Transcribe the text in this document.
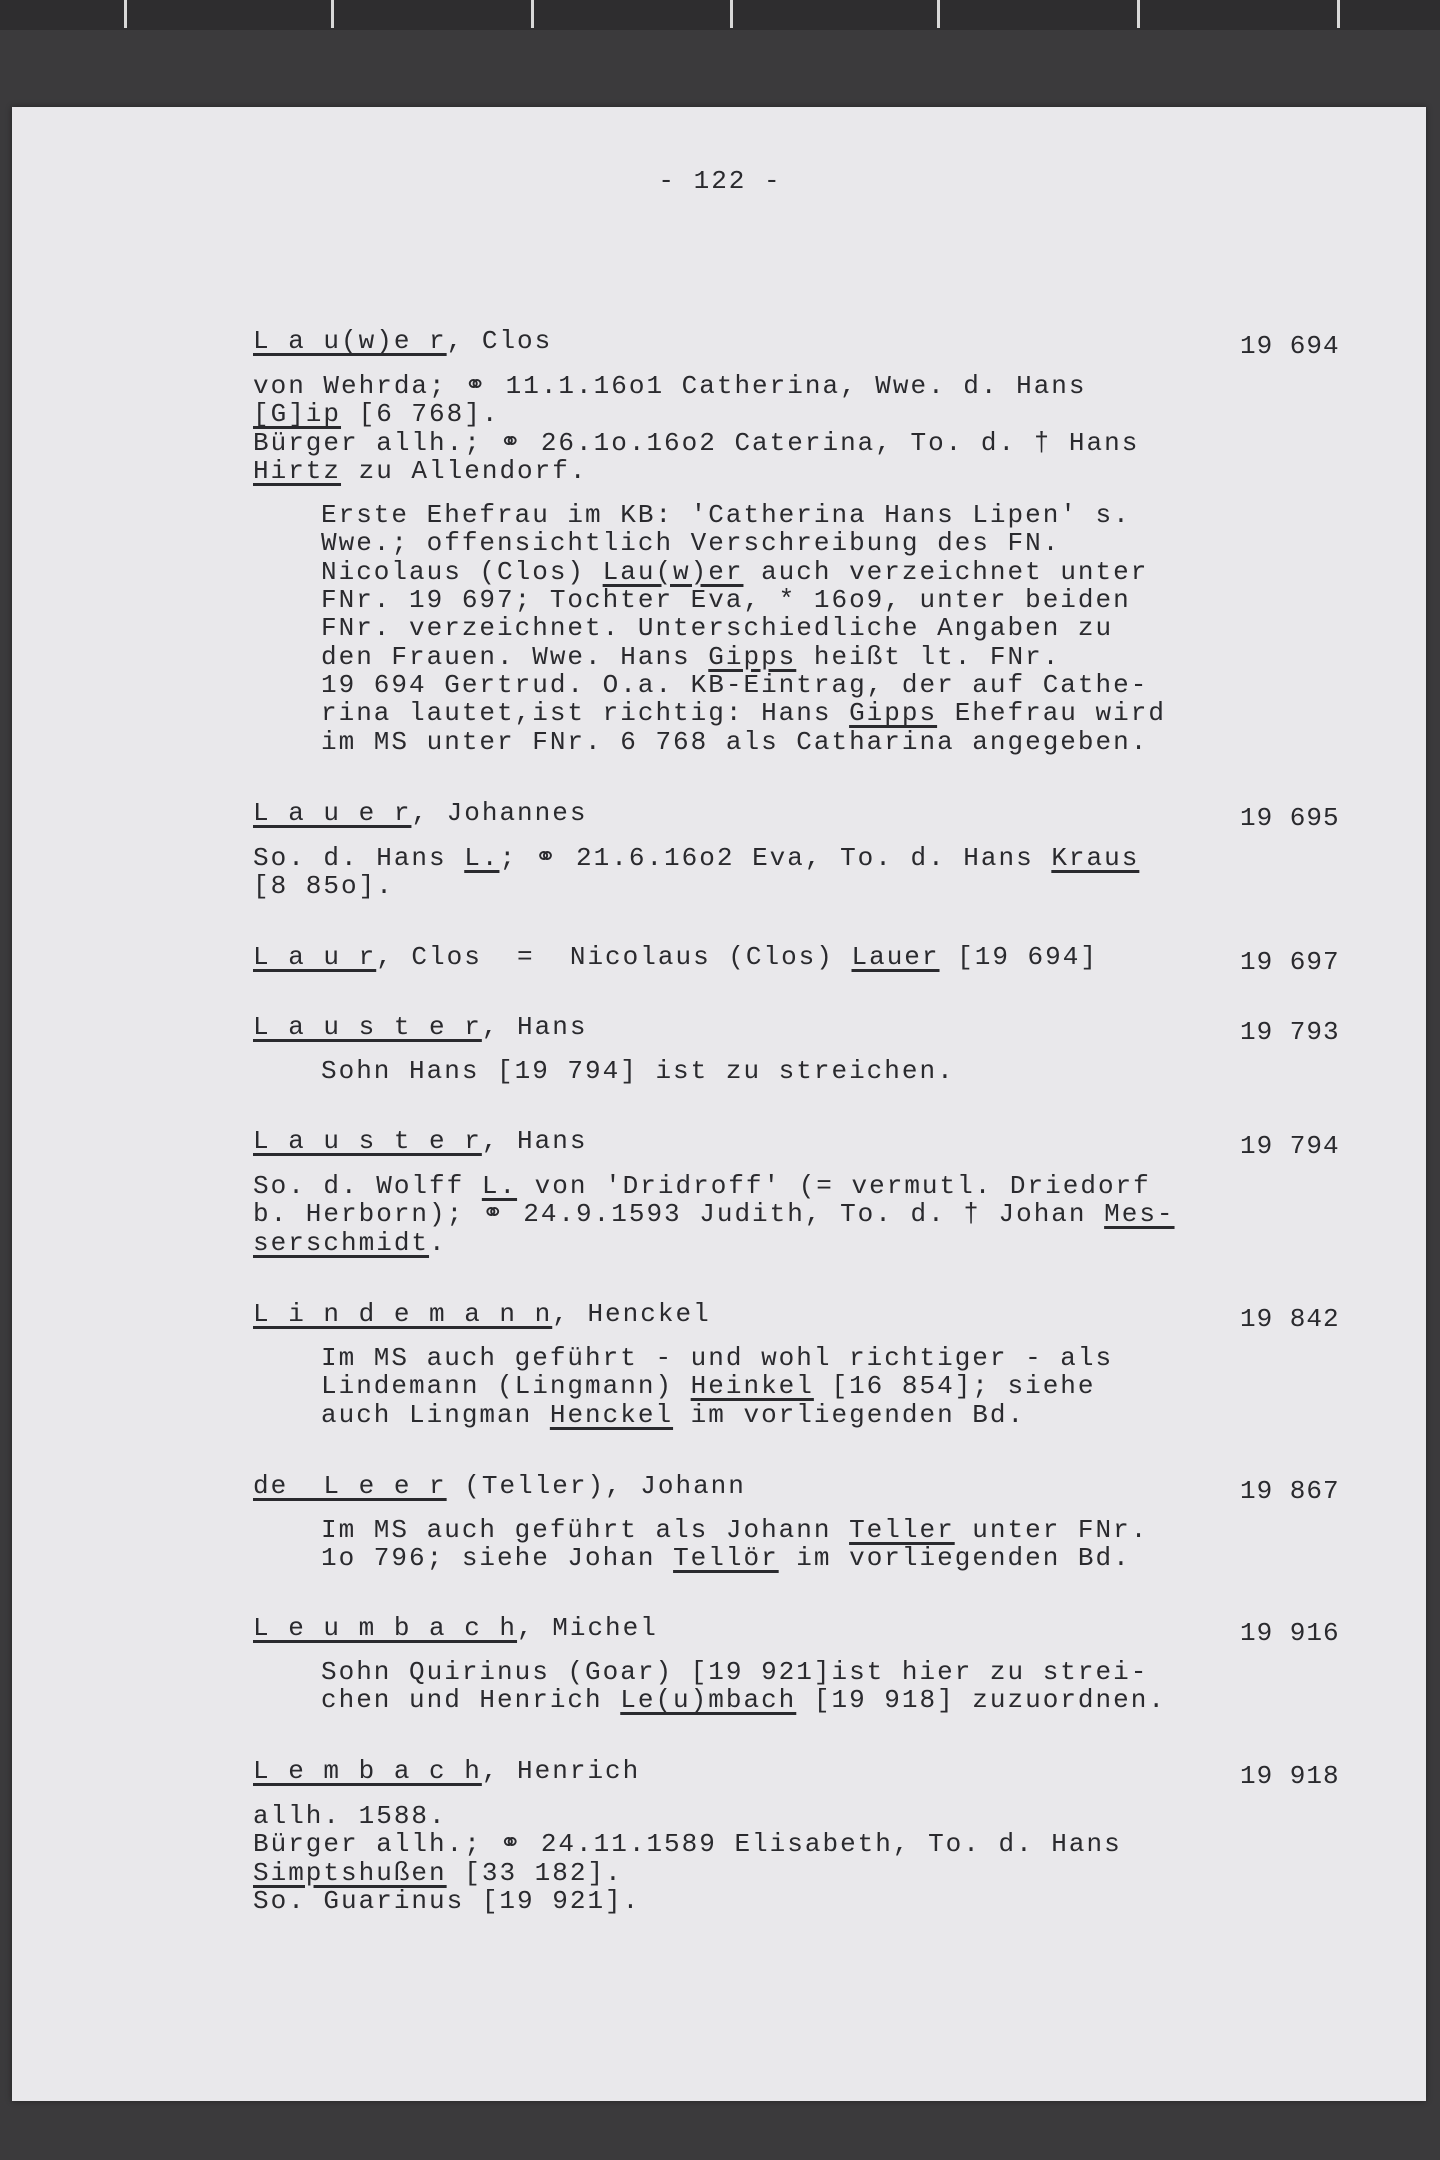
- 122 -
L a u(w)e r, Clos	19 694
von Wehrda; ⚭ 11.1.16o1 Catherina, Wwe. d. Hans
[G]ip [6 768].
Bürger allh.; ⚭ 26.1o.16o2 Caterina, To. d. † Hans
Hirtz zu Allendorf.
Erste Ehefrau im KB: 'Catherina Hans Lipen' s.
Wwe.; offensichtlich Verschreibung des FN.
Nicolaus (Clos) Lau(w)er auch verzeichnet unter
FNr. 19 697; Tochter Eva, * 16o9, unter beiden
FNr. verzeichnet. Unterschiedliche Angaben zu
den Frauen. Wwe. Hans Gipps heißt lt. FNr.
19 694 Gertrud. O.a. KB-Eintrag, der auf Cathe-
rina lautet,ist richtig: Hans Gipps Ehefrau wird
im MS unter FNr. 6 768 als Catharina angegeben.
L a u e r, Johannes	19 695
So. d. Hans L.; ⚭ 21.6.16o2 Eva, To. d. Hans Kraus
[8 85o].
L a u r, Clos  =  Nicolaus (Clos) Lauer [19 694]	19 697
L a u s t e r, Hans	19 793
Sohn Hans [19 794] ist zu streichen.
L a u s t e r, Hans	19 794
So. d. Wolff L. von 'Dridroff' (= vermutl. Driedorf
b. Herborn); ⚭ 24.9.1593 Judith, To. d. † Johan Mes-
serschmidt.
L i n d e m a n n, Henckel	19 842
Im MS auch geführt - und wohl richtiger - als
Lindemann (Lingmann) Heinkel [16 854]; siehe
auch Lingman Henckel im vorliegenden Bd.
de  L e e r (Teller), Johann	19 867
Im MS auch geführt als Johann Teller unter FNr.
1o 796; siehe Johan Tellör im vorliegenden Bd.
L e u m b a c h, Michel	19 916
Sohn Quirinus (Goar) [19 921]ist hier zu strei-
chen und Henrich Le(u)mbach [19 918] zuzuordnen.
L e m b a c h, Henrich	19 918
allh. 1588.
Bürger allh.; ⚭ 24.11.1589 Elisabeth, To. d. Hans
Simptshußen [33 182].
So. Guarinus [19 921].
